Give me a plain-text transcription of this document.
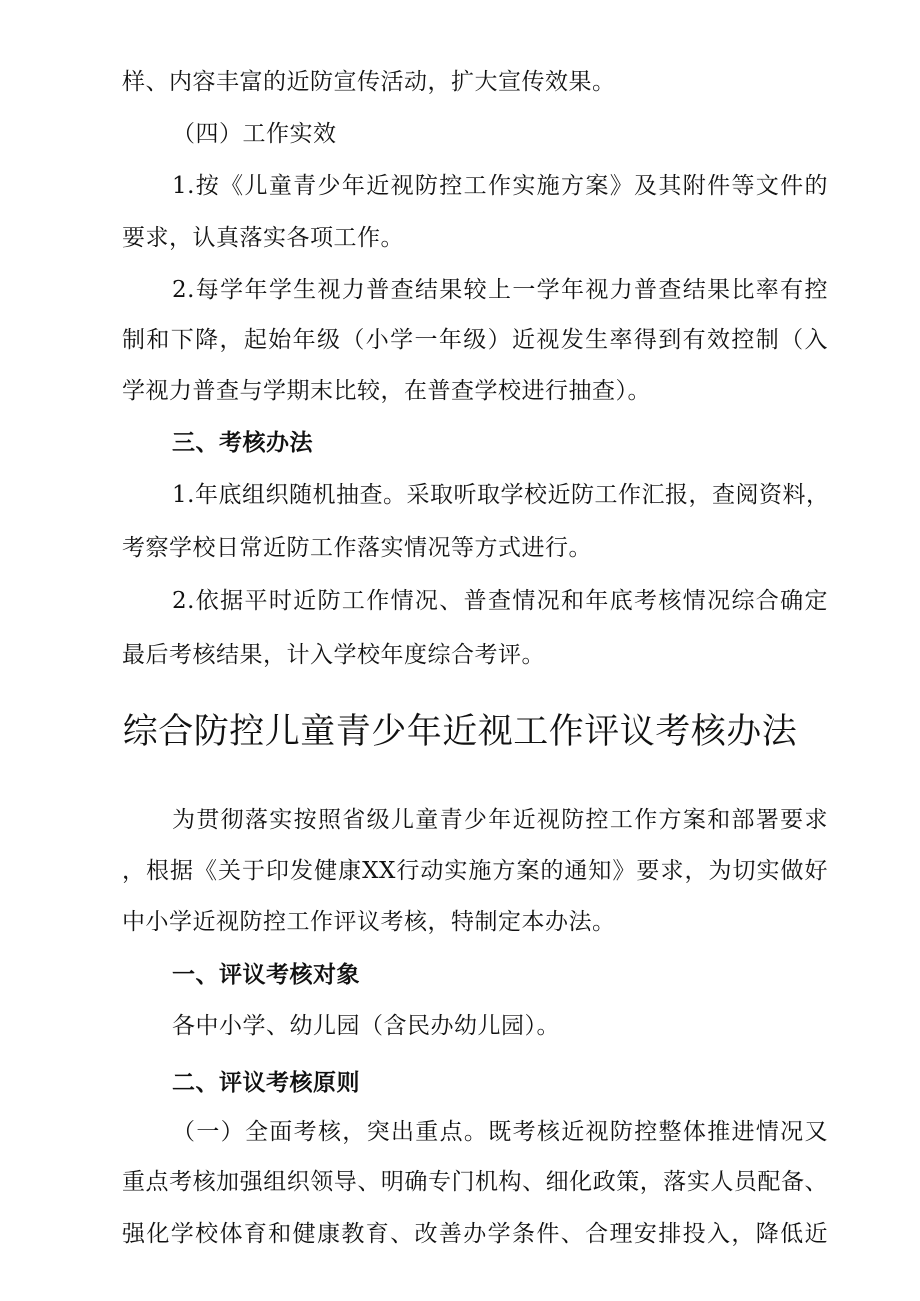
样、内容丰富的近防宣传活动，扩大宣传效果。
（四）工作实效
1.按《儿童青少年近视防控工作实施方案》及其附件等文件的
要求，认真落实各项工作。
2.每学年学生视力普查结果较上一学年视力普查结果比率有控
制和下降，起始年级（小学一年级）近视发生率得到有效控制（入
学视力普查与学期末比较，在普查学校进行抽查）。
三、考核办法
1.年底组织随机抽查。采取听取学校近防工作汇报，查阅资料，
考察学校日常近防工作落实情况等方式进行。
2.依据平时近防工作情况、普查情况和年底考核情况综合确定
最后考核结果，计入学校年度综合考评。
综合防控儿童青少年近视工作评议考核办法
为贯彻落实按照省级儿童青少年近视防控工作方案和部署要求
，根据《关于印发健康XX行动实施方案的通知》要求，为切实做好
中小学近视防控工作评议考核，特制定本办法。
一、评议考核对象
各中小学、幼儿园（含民办幼儿园）。
二、评议考核原则
（一）全面考核，突出重点。既考核近视防控整体推进情况又
重点考核加强组织领导、明确专门机构、细化政策，落实人员配备、
强化学校体育和健康教育、改善办学条件、合理安排投入，降低近
